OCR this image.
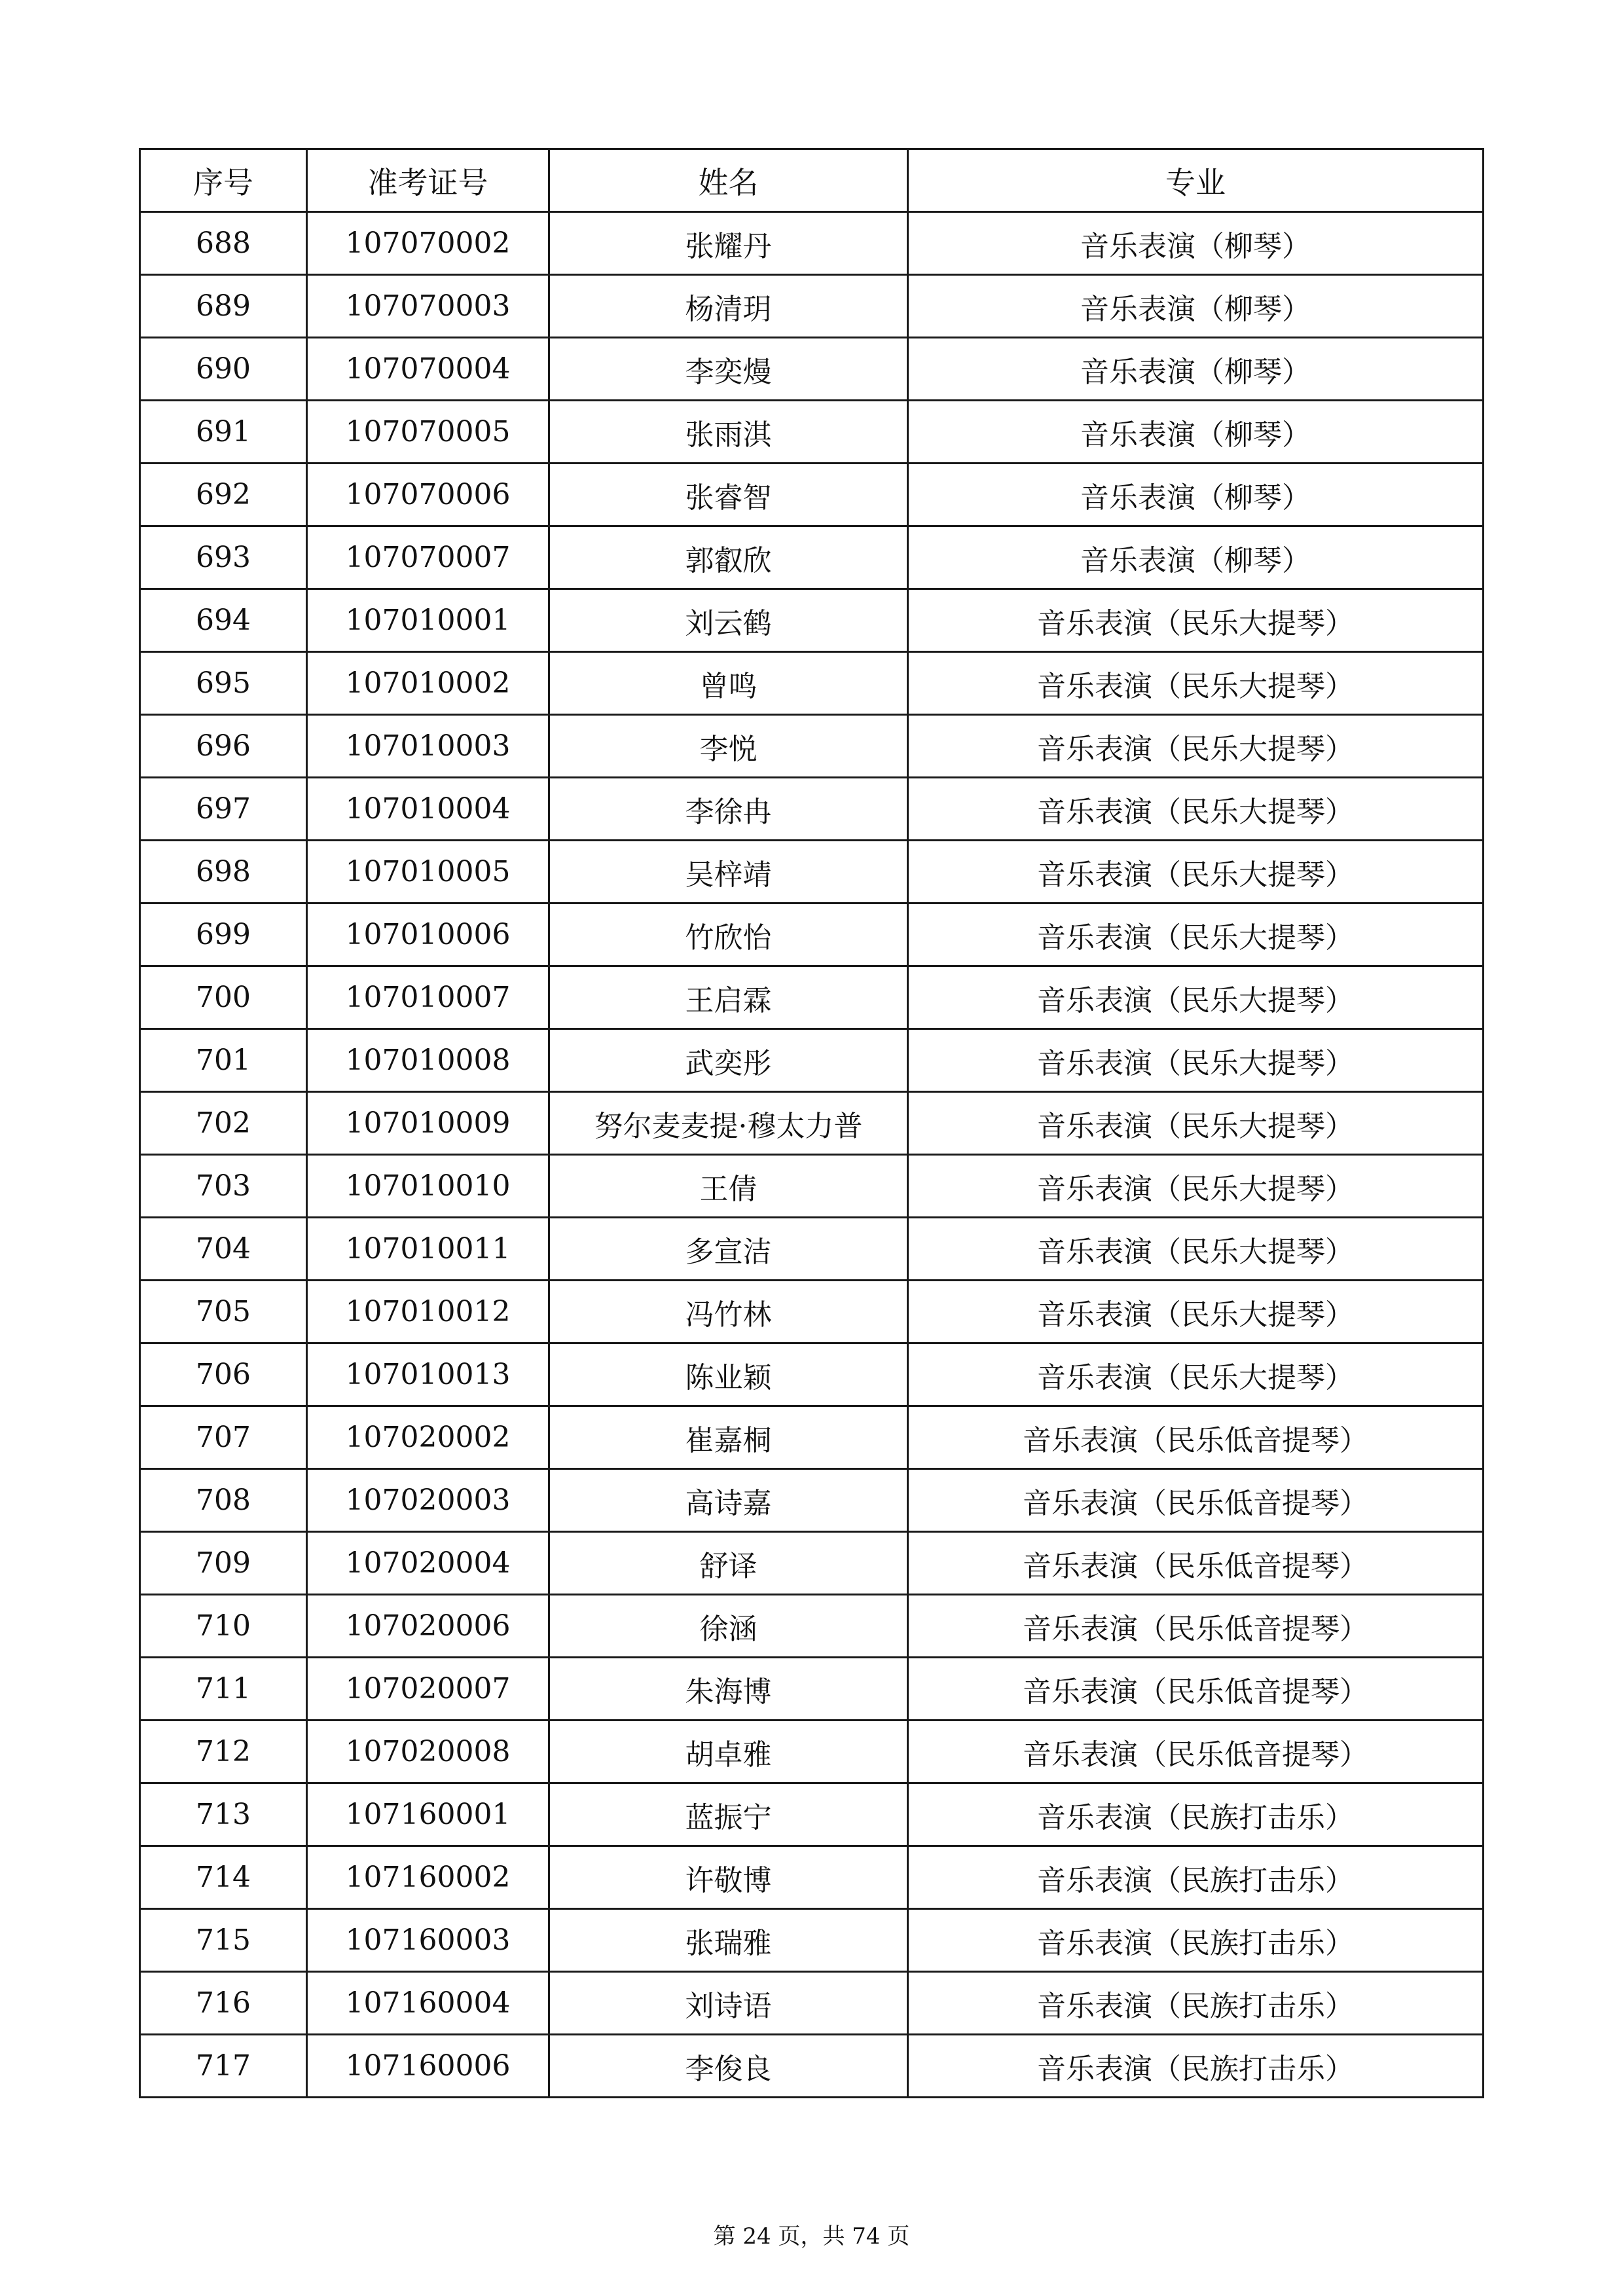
序号	准考证号	姓名	专业
688	107070002	张耀丹	音乐表演（柳琴）
689	107070003	杨清玥	音乐表演（柳琴）
690	107070004	李奕熳	音乐表演（柳琴）
691	107070005	张雨淇	音乐表演（柳琴）
692	107070006	张睿智	音乐表演（柳琴）
693	107070007	郭叡欣	音乐表演（柳琴）
694	107010001	刘云鹤	音乐表演（民乐大提琴）
695	107010002	曾鸣	音乐表演（民乐大提琴）
696	107010003	李悦	音乐表演（民乐大提琴）
697	107010004	李徐冉	音乐表演（民乐大提琴）
698	107010005	吴梓靖	音乐表演（民乐大提琴）
699	107010006	竹欣怡	音乐表演（民乐大提琴）
700	107010007	王启霖	音乐表演（民乐大提琴）
701	107010008	武奕彤	音乐表演（民乐大提琴）
702	107010009	努尔麦麦提·穆太力普	音乐表演（民乐大提琴）
703	107010010	王倩	音乐表演（民乐大提琴）
704	107010011	多宣洁	音乐表演（民乐大提琴）
705	107010012	冯竹林	音乐表演（民乐大提琴）
706	107010013	陈业颖	音乐表演（民乐大提琴）
707	107020002	崔嘉桐	音乐表演（民乐低音提琴）
708	107020003	高诗嘉	音乐表演（民乐低音提琴）
709	107020004	舒译	音乐表演（民乐低音提琴）
710	107020006	徐涵	音乐表演（民乐低音提琴）
711	107020007	朱海博	音乐表演（民乐低音提琴）
712	107020008	胡卓雅	音乐表演（民乐低音提琴）
713	107160001	蓝振宁	音乐表演（民族打击乐）
714	107160002	许敬博	音乐表演（民族打击乐）
715	107160003	张瑞雅	音乐表演（民族打击乐）
716	107160004	刘诗语	音乐表演（民族打击乐）
717	107160006	李俊良	音乐表演（民族打击乐）
第 24 页，共 74 页
